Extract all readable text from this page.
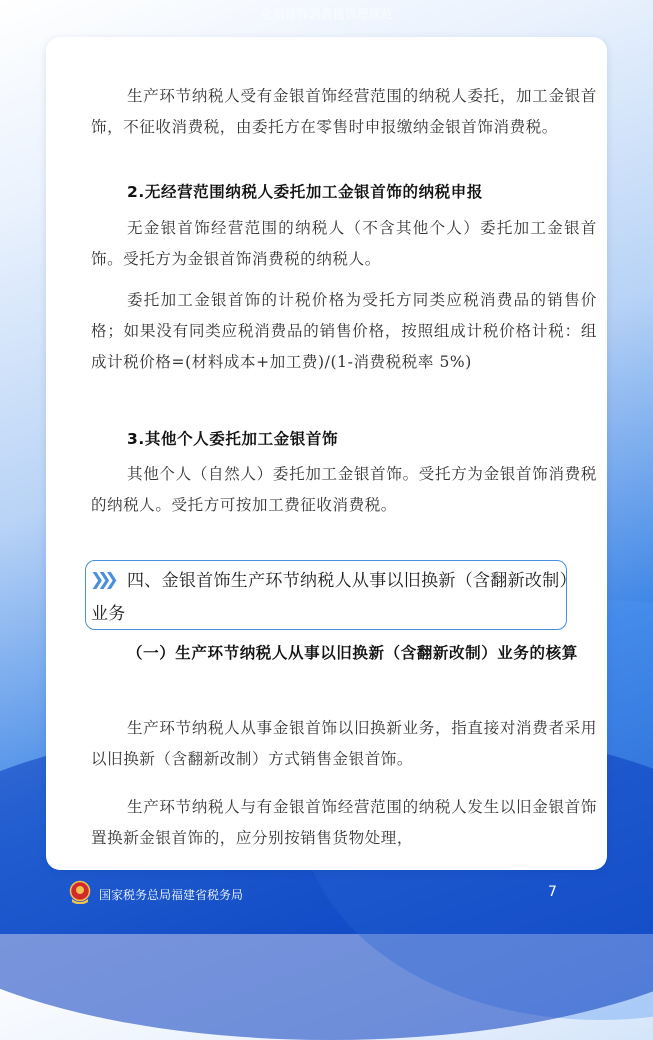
金银首饰消费税管理规范

生产环节纳税人受有金银首饰经营范围的纳税人委托，加工金银首饰，不征收消费税，由委托方在零售时申报缴纳金银首饰消费税。

2.无经营范围纳税人委托加工金银首饰的纳税申报

无金银首饰经营范围的纳税人（不含其他个人）委托加工金银首饰。受托方为金银首饰消费税的纳税人。

委托加工金银首饰的计税价格为受托方同类应税消费品的销售价格；如果没有同类应税消费品的销售价格，按照组成计税价格计税：组成计税价格=(材料成本+加工费)/(1-消费税税率 5%)

3.其他个人委托加工金银首饰

其他个人（自然人）委托加工金银首饰。受托方为金银首饰消费税的纳税人。受托方可按加工费征收消费税。

❯❯❯ 四、金银首饰生产环节纳税人从事以旧换新（含翻新改制）业务

（一）生产环节纳税人从事以旧换新（含翻新改制）业务的核算

生产环节纳税人从事金银首饰以旧换新业务，指直接对消费者采用以旧换新（含翻新改制）方式销售金银首饰。

生产环节纳税人与有金银首饰经营范围的纳税人发生以旧金银首饰置换新金银首饰的，应分别按销售货物处理，

国家税务总局福建省税务局	7
